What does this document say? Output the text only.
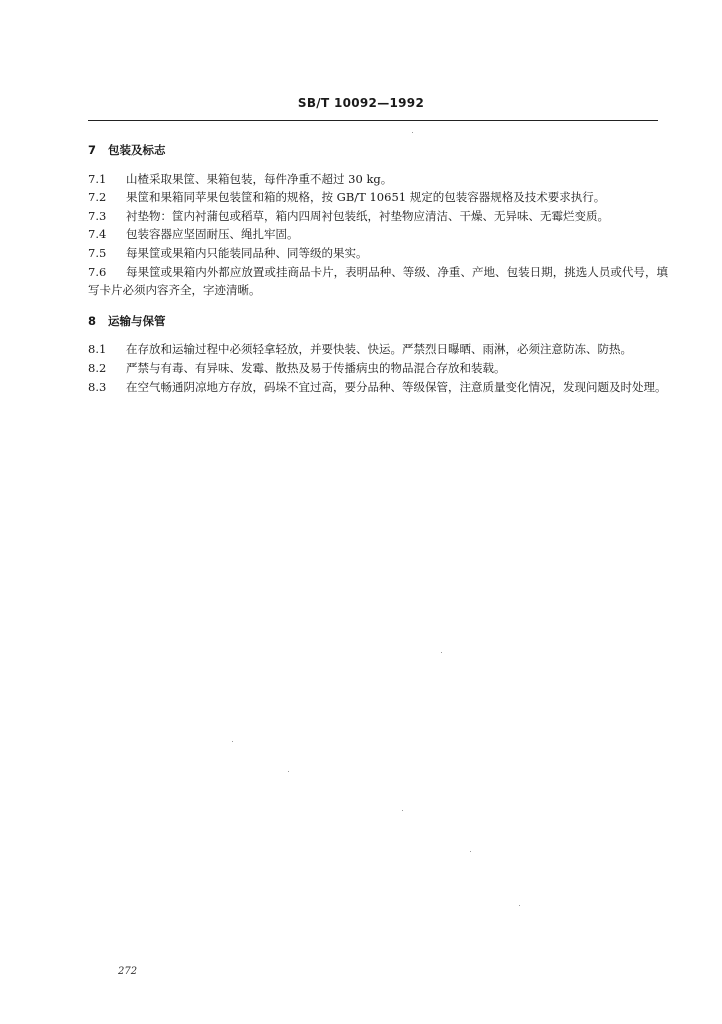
SB/T 10092—1992

7 包装及标志

7.1 山楂采取果筐、果箱包装，每件净重不超过 30 kg。

7.2 果筐和果箱同苹果包装筐和箱的规格，按 GB/T 10651 规定的包装容器规格及技术要求执行。

7.3 衬垫物：筐内衬蒲包或稻草，箱内四周衬包装纸，衬垫物应清洁、干燥、无异味、无霉烂变质。

7.4 包装容器应坚固耐压、绳扎牢固。

7.5 每果筐或果箱内只能装同品种、同等级的果实。

7.6 每果筐或果箱内外都应放置或挂商品卡片，表明品种、等级、净重、产地、包装日期，挑选人员或代号，填写卡片必须内容齐全，字迹清晰。

8 运输与保管

8.1 在存放和运输过程中必须轻拿轻放，并要快装、快运。严禁烈日曝晒、雨淋，必须注意防冻、防热。

8.2 严禁与有毒、有异味、发霉、散热及易于传播病虫的物品混合存放和装载。

8.3 在空气畅通阴凉地方存放，码垛不宜过高，要分品种、等级保管，注意质量变化情况，发现问题及时处理。

272
